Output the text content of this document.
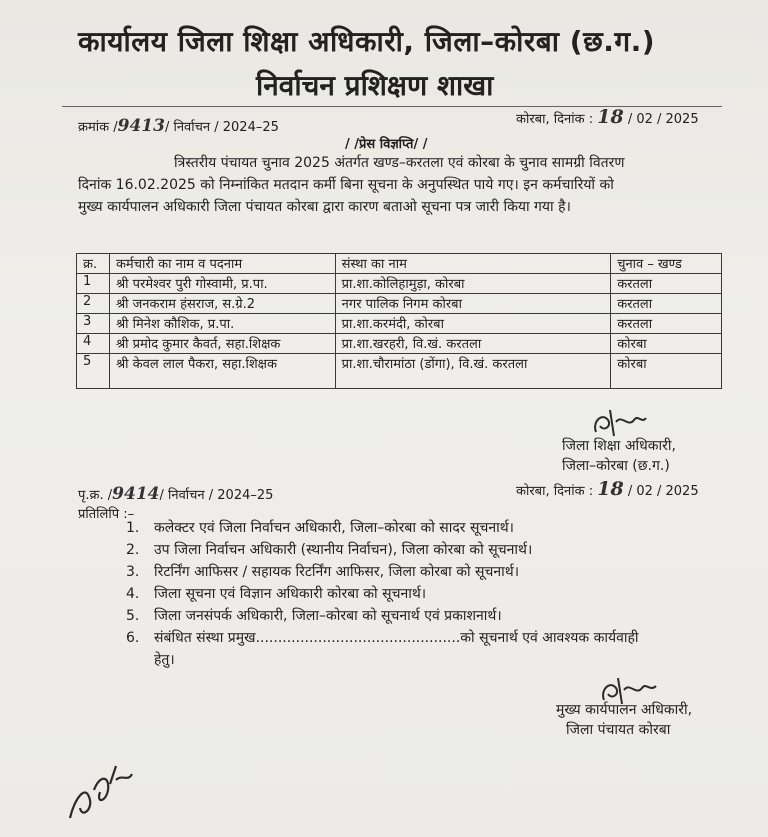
कार्यालय जिला शिक्षा अधिकारी, जिला–कोरबा (छ.ग.)
निर्वाचन प्रशिक्षण शाखा
क्रमांक /9413/ निर्वाचन / 2024–25
कोरबा, दिनांक : 18 / 02 / 2025
/ /प्रेस विज्ञप्ति/ /
त्रिस्तरीय पंचायत चुनाव 2025 अंतर्गत खण्ड–करतला एवं कोरबा के चुनाव सामग्री वितरण
दिनांक 16.02.2025 को निम्नांकित मतदान कर्मी बिना सूचना के अनुपस्थित पाये गए। इन कर्मचारियों को
मुख्य कार्यपालन अधिकारी जिला पंचायत कोरबा द्वारा कारण बताओ सूचना पत्र जारी किया गया है।
क्र.	कर्मचारी का नाम व पदनाम	संस्था का नाम	चुनाव – खण्ड
1	श्री परमेश्वर पुरी गोस्वामी, प्र.पा.	प्रा.शा.कोलिहामुड़ा, कोरबा	करतला
2	श्री जनकराम हंसराज, स.ग्रे.2	नगर पालिक निगम कोरबा	करतला
3	श्री मिनेश कौशिक, प्र.पा.	प्रा.शा.करमंदी, कोरबा	करतला
4	श्री प्रमोद कुमार कैवर्त, सहा.शिक्षक	प्रा.शा.खरहरी, वि.खं. करतला	कोरबा
5	श्री केवल लाल पैकरा, सहा.शिक्षक	प्रा.शा.चौरामांठा (डोंगा), वि.खं. करतला	कोरबा
जिला शिक्षा अधिकारी,
जिला–कोरबा (छ.ग.)
पृ.क्र. /9414/ निर्वाचन / 2024–25	कोरबा, दिनांक : 18 / 02 / 2025
प्रतिलिपि :–
1. कलेक्टर एवं जिला निर्वाचन अधिकारी, जिला–कोरबा को सादर सूचनार्थ।
2. उप जिला निर्वाचन अधिकारी (स्थानीय निर्वाचन), जिला कोरबा को सूचनार्थ।
3. रिटर्निंग आफिसर / सहायक रिटर्निंग आफिसर, जिला कोरबा को सूचनार्थ।
4. जिला सूचना एवं विज्ञान अधिकारी कोरबा को सूचनार्थ।
5. जिला जनसंपर्क अधिकारी, जिला–कोरबा को सूचनार्थ एवं प्रकाशनार्थ।
6. संबंधित संस्था प्रमुख..............................................को सूचनार्थ एवं आवश्यक कार्यवाही
हेतु।
मुख्य कार्यपालन अधिकारी,
जिला पंचायत कोरबा
